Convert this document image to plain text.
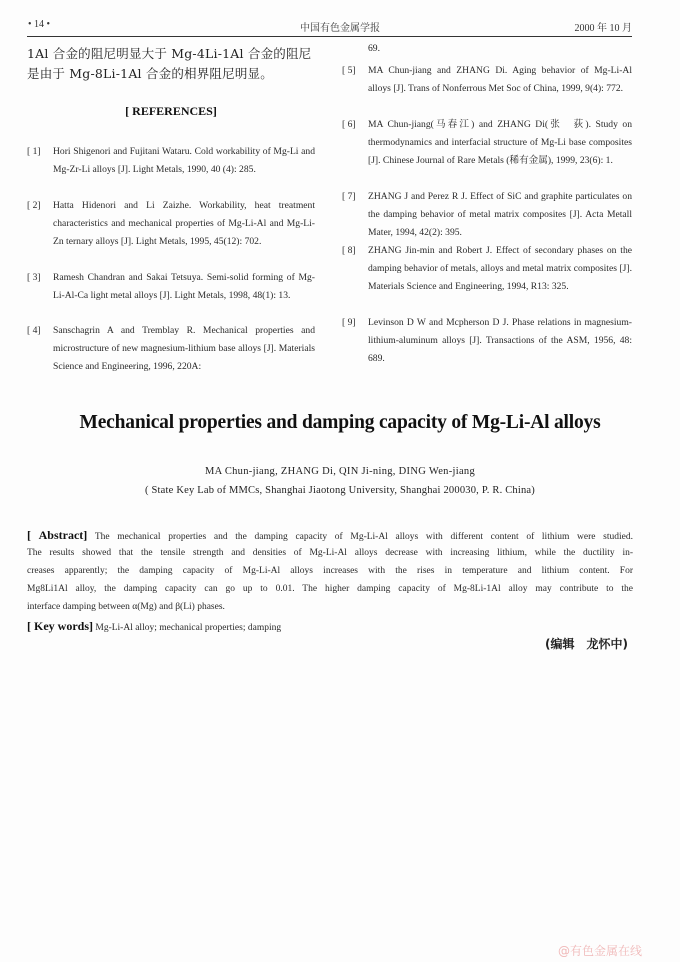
• 14 •	中国有色金属学报	2000 年 10 月
1Al 合金的阻尼明显大于 Mg-4Li-1Al 合金的阻尼
是由于 Mg-8Li-1Al 合金的相界阻尼明显。
[ REFERENCES]
[ 1] Hori Shigenori and Fujitani Wataru. Cold workability of Mg-Li and Mg-Zr-Li alloys [J]. Light Metals, 1990, 40 (4): 285.
[ 2] Hatta Hidenori and Li Zaizhe. Workability, heat treatment characteristics and mechanical properties of Mg-Li-Al and Mg-Li-Zn ternary alloys [J]. Light Metals, 1995, 45(12): 702.
[ 3] Ramesh Chandran and Sakai Tetsuya. Semi-solid forming of Mg-Li-Al-Ca light metal alloys [J]. Light Metals, 1998, 48(1): 13.
[ 4] Sanschagrin A and Tremblay R. Mechanical properties and microstructure of new magnesium-lithium base alloys [J]. Materials Science and Engineering, 1996, 220A:
69.
[ 5] MA Chun-jiang and ZHANG Di. Aging behavior of Mg-Li-Al alloys [J]. Trans of Nonferrous Met Soc of China, 1999, 9(4): 772.
[ 6] MA Chun-jiang(马春江) and ZHANG Di(张　荻). Study on thermodynamics and interfacial structure of Mg-Li base composites [J]. Chinese Journal of Rare Metals (稀有金属), 1999, 23(6): 1.
[ 7] ZHANG J and Perez R J. Effect of SiC and graphite particulates on the damping behavior of metal matrix composites [J]. Acta Metall Mater, 1994, 42(2): 395.
[ 8] ZHANG Jin-min and Robert J. Effect of secondary phases on the damping behavior of metals, alloys and metal matrix composites [J]. Materials Science and Engineering, 1994, R13: 325.
[ 9] Levinson D W and Mcpherson D J. Phase relations in magnesium-lithium-aluminum alloys [J]. Transactions of the ASM, 1956, 48: 689.
Mechanical properties and damping capacity of Mg-Li-Al alloys
MA Chun-jiang, ZHANG Di, QIN Ji-ning, DING Wen-jiang
( State Key Lab of MMCs, Shanghai Jiaotong University, Shanghai 200030, P. R. China)
[ Abstract] The mechanical properties and the damping capacity of Mg-Li-Al alloys with different content of lithium were studied.
The results showed that the tensile strength and densities of Mg-Li-Al alloys decrease with increasing lithium, while the ductility in-
creases apparently; the damping capacity of Mg-Li-Al alloys increases with the rises in temperature and lithium content. For
Mg8Li1Al alloy, the damping capacity can go up to 0.01. The higher damping capacity of Mg-8Li-1Al alloy may contribute to the
interface damping between α(Mg) and β(Li) phases.
[ Key words] Mg-Li-Al alloy; mechanical properties; damping
(编辑　龙怀中)
@有色金属在线
